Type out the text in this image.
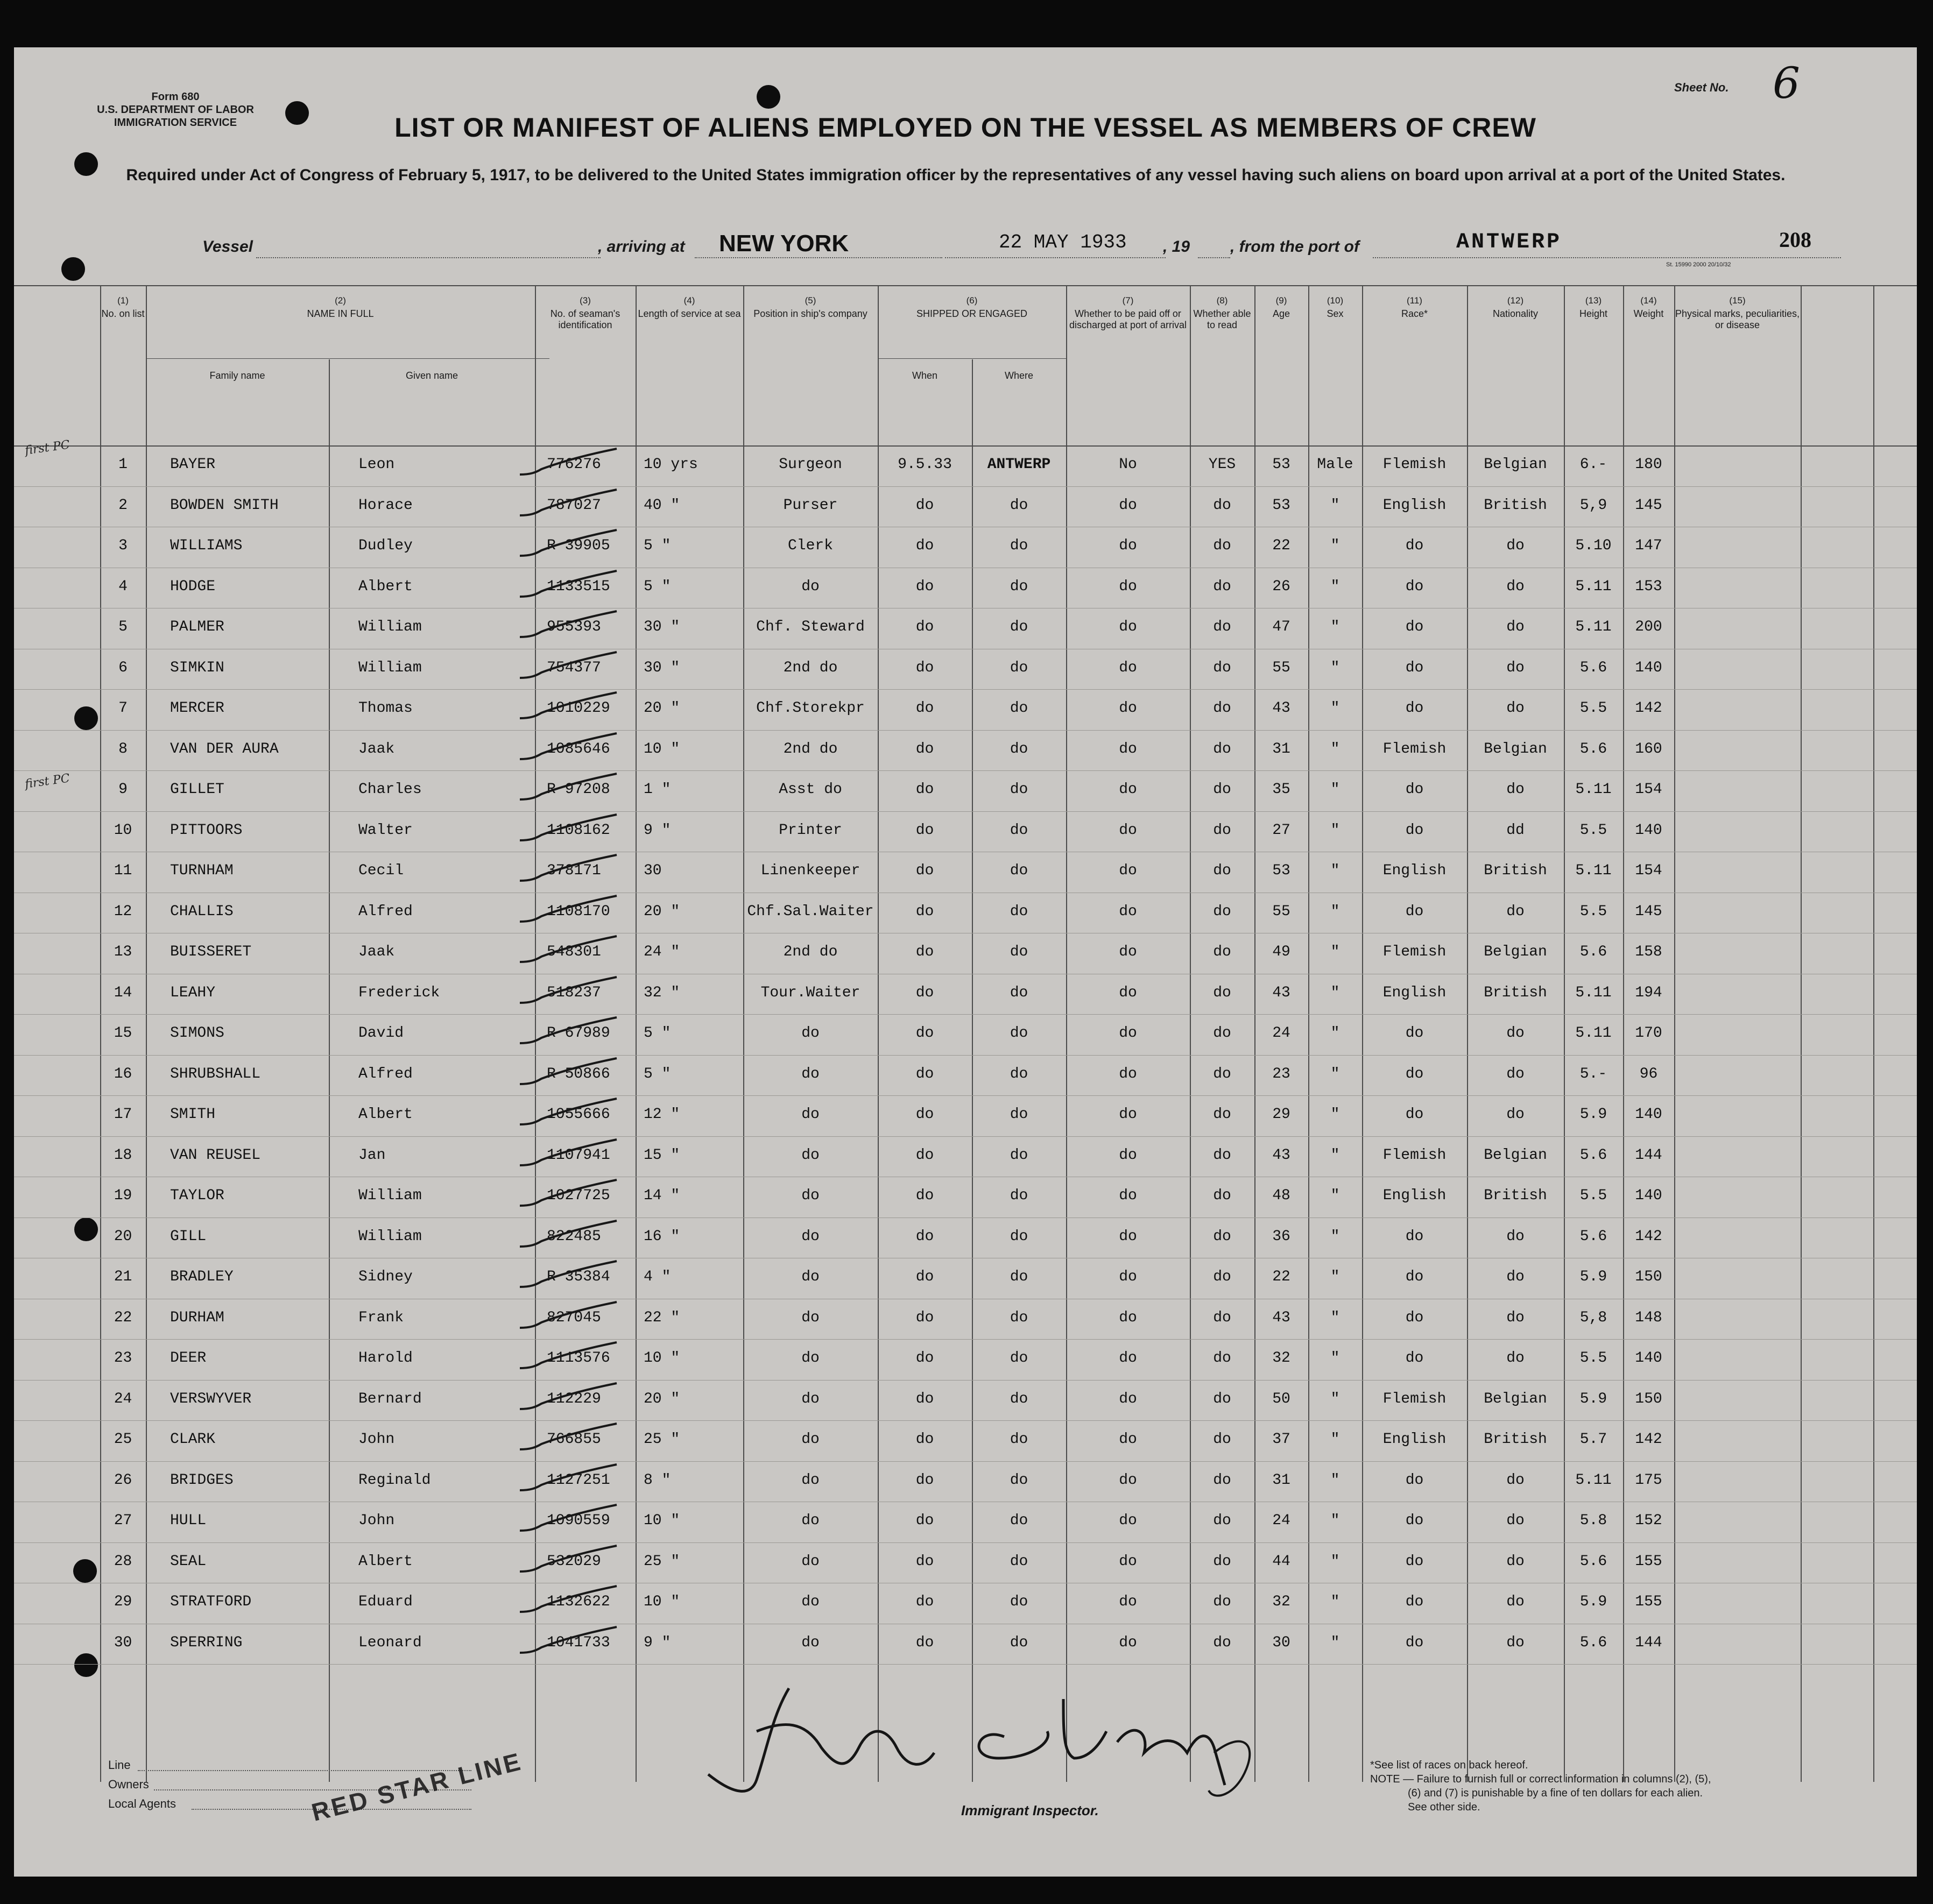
Form 680
U.S. DEPARTMENT OF LABOR
IMMIGRATION SERVICE
Sheet No. 6
LIST OR MANIFEST OF ALIENS EMPLOYED ON THE VESSEL AS MEMBERS OF CREW
Required under Act of Congress of February 5, 1917, to be delivered to the United States immigration officer by the representatives of any vessel having such aliens on board upon arrival at a port of the United States.
Vessel	, arriving at NEW YORK	22 MAY 1933 , 19 , from the port of	ANTWERP	208
St. 15990 2000 20/10/32
(1)
No. on list
(2)
NAME IN FULL
Family name	Given name
(3)
No. of seaman's identification
(4)
Length of service at sea
(5)
Position in ship's company
(6)
SHIPPED OR ENGAGED
When	Where
(7)
Whether to be paid off or discharged at port of arrival
(8)
Whether able to read
(9)
Age
(10)
Sex
(11)
Race*
(12)
Nationality
(13)
Height
(14)
Weight
(15)
Physical marks, peculiarities, or disease
1	BAYER	Leon	776276	10 yrs	Surgeon	9.5.33	ANTWERP	No	YES	53	Male	Flemish	Belgian	6.-	180
2	BOWDEN SMITH	Horace	787027	40 "	Purser	do	do	do	do	53	"	English	British	5,9	145
3	WILLIAMS	Dudley	R 39905 5 "	Clerk	do	do	do	do	22	"	do	do	5.10	147
4	HODGE	Albert	1133515 5 "	do	do	do	do	do	26	"	do	do	5.11	153
5	PALMER	William	955393	30 "	Chf. Steward	do	do	do	do	47	"	do	do	5.11	200
6	SIMKIN	William	754377	30 "	2nd do	do	do	do	do	55	"	do	do	5.6	140
7	MERCER	Thomas	1010229 20 "	Chf.Storekpr	do	do	do	do	43	"	do	do	5.5	142
8	VAN DER AURA	Jaak	1085646 10 "	2nd do	do	do	do	do	31	"	Flemish	Belgian	5.6	160
9	GILLET	Charles	R 97208 1 "	Asst do	do	do	do	do	35	"	do	do	5.11	154
10	PITTOORS	Walter	1108162 9 "	Printer	do	do	do	do	27	"	do	dd	5.5	140
11	TURNHAM	Cecil	378171	30	Linenkeeper	do	do	do	do	53	"	English	British	5.11	154
12	CHALLIS	Alfred	1108170 20 "	Chf.Sal.Waiter	do	do	do	do	55	"	do	do	5.5	145
13	BUISSERET	Jaak	548301	24 "	2nd do	do	do	do	do	49	"	Flemish	Belgian	5.6	158
14	LEAHY	Frederick	518237	32 "	Tour.Waiter	do	do	do	do	43	"	English	British	5.11	194
15	SIMONS	David	R 67989 5 "	do	do	do	do	do	24	"	do	do	5.11	170
16	SHRUBSHALL	Alfred	R 50866 5 "	do	do	do	do	do	23	"	do	do	5.-	96
17	SMITH	Albert	1055666 12 "	do	do	do	do	do	29	"	do	do	5.9	140
18	VAN REUSEL	Jan	1107941 15 "	do	do	do	do	do	43	"	Flemish	Belgian	5.6	144
19	TAYLOR	William	1027725 14 "	do	do	do	do	do	48	"	English	British	5.5	140
20	GILL	William	822485	16 "	do	do	do	do	do	36	"	do	do	5.6	142
21	BRADLEY	Sidney	R 35384 4 "	do	do	do	do	do	22	"	do	do	5.9	150
22	DURHAM	Frank	827045	22 "	do	do	do	do	do	43	"	do	do	5,8	148
23	DEER	Harold	1113576 10 "	do	do	do	do	do	32	"	do	do	5.5	140
24	VERSWYVER	Bernard	112229	20 "	do	do	do	do	do	50	"	Flemish	Belgian	5.9	150
25	CLARK	John	766855	25 "	do	do	do	do	do	37	"	English	British	5.7	142
26	BRIDGES	Reginald	1127251 8 "	do	do	do	do	do	31	"	do	do	5.11	175
27	HULL	John	1090559 10 "	do	do	do	do	do	24	"	do	do	5.8	152
28	SEAL	Albert	532029	25 "	do	do	do	do	do	44	"	do	do	5.6	155
29	STRATFORD	Eduard	1132622 10 "	do	do	do	do	do	32	"	do	do	5.9	155
30	SPERRING	Leonard	1041733 9 "	do	do	do	do	do	30	"	do	do	5.6	144
first PC
first PC
Line
Owners
Local Agents	RED STAR LINE	Immigrant Inspector.
*See list of races on back hereof.
NOTE — Failure to furnish full or correct information in columns (2), (5),
(6) and (7) is punishable by a fine of ten dollars for each alien.
See other side.
